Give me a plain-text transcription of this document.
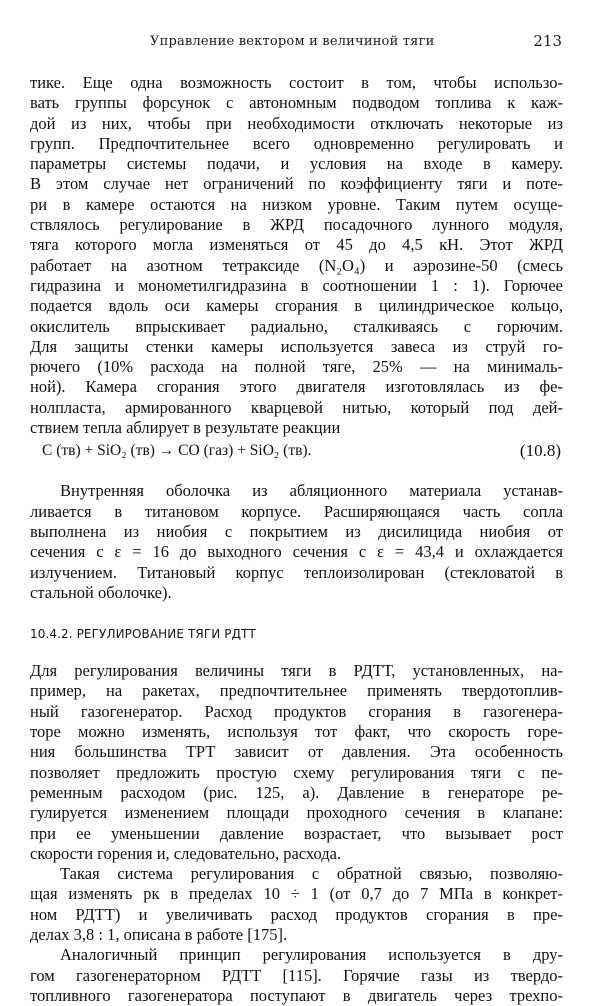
Управление вектором и величиной тяги	213
тике. Еще одна возможность состоит в том, чтобы использо-
вать группы форсунок с автономным подводом топлива к каж-
дой из них, чтобы при необходимости отключать некоторые из
групп. Предпочтительнее всего одновременно регулировать и
параметры системы подачи, и условия на входе в камеру.
В этом случае нет ограничений по коэффициенту тяги и поте-
ри в камере остаются на низком уровне. Таким путем осуще-
ствлялось регулирование в ЖРД посадочного лунного модуля,
тяга которого могла изменяться от 45 до 4,5 кН. Этот ЖРД
работает на азотном тетраксиде (N₂O₄) и аэрозине-50 (смесь
гидразина и монометилгидразина в соотношении 1 : 1). Горючее
подается вдоль оси камеры сгорания в цилиндрическое кольцо,
окислитель впрыскивает радиально, сталкиваясь с горючим.
Для защиты стенки камеры используется завеса из струй го-
рючего (10% расхода на полной тяге, 25% — на минималь-
ной). Камера сгорания этого двигателя изготовлялась из фе-
нолпласта, армированного кварцевой нитью, который под дей-
ствием тепла аблирует в результате реакции
C (тв) + SiO₂ (тв) → CO (газ) + SiO₂ (тв).	(10.8)
Внутренняя оболочка из абляционного материала устанав-
ливается в титановом корпусе. Расширяющаяся часть сопла
выполнена из ниобия с покрытием из дисилицида ниобия от
сечения с ε = 16 до выходного сечения с ε = 43,4 и охлаждается
излучением. Титановый корпус теплоизолирован (стекловатой в
стальной оболочке).
10.4.2. РЕГУЛИРОВАНИЕ ТЯГИ РДТТ
Для регулирования величины тяги в РДТТ, установленных, на-
пример, на ракетах, предпочтительнее применять твердотоплив-
ный газогенератор. Расход продуктов сгорания в газогенера-
торе можно изменять, используя тот факт, что скорость горе-
ния большинства ТРТ зависит от давления. Эта особенность
позволяет предложить простую схему регулирования тяги с пе-
ременным расходом (рис. 125, а). Давление в генераторе ре-
гулируется изменением площади проходного сечения в клапане:
при ее уменьшении давление возрастает, что вызывает рост
скорости горения и, следовательно, расхода.
Такая система регулирования с обратной связью, позволяю-
щая изменять pк в пределах 10 ÷ 1 (от 0,7 до 7 МПа в конкрет-
ном РДТТ) и увеличивать расход продуктов сгорания в пре-
делах 3,8 : 1, описана в работе [175].
Аналогичный принцип регулирования используется в дру-
гом газогенераторном РДТТ [115]. Горячие газы из твердо-
топливного газогенератора поступают в двигатель через трехпо-
